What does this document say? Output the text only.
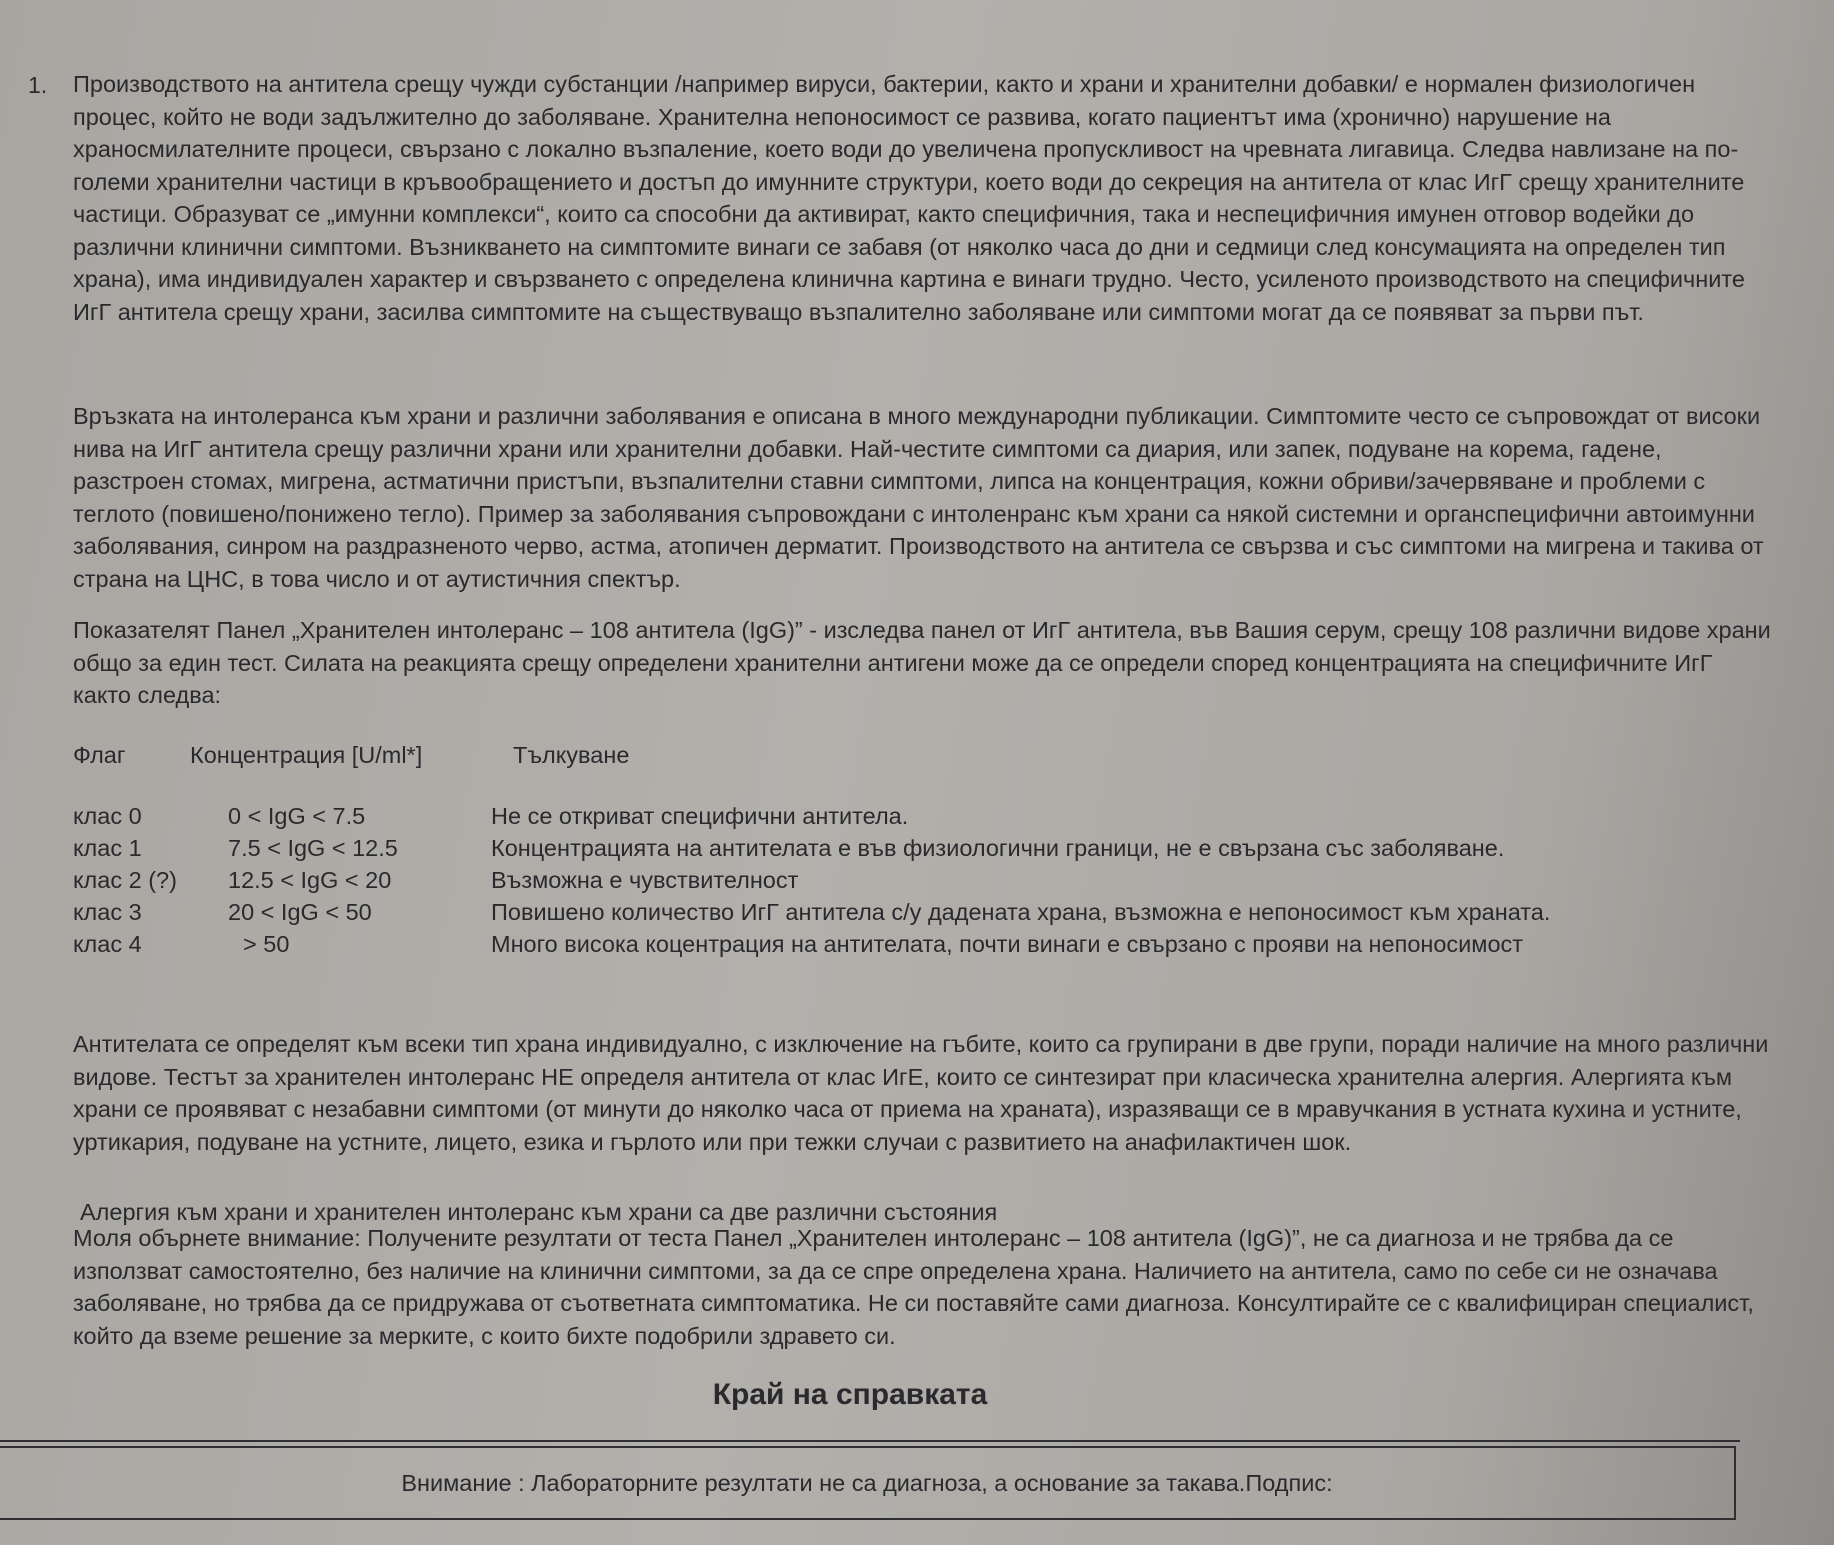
1. Производството на антитела срещу чужди субстанции /например вируси, бактерии, както и храни и хранителни добавки/ е нормален физиологичен процес, който не води задължително до заболяване. Хранителна непоносимост се развива, когато пациентът има (хронично) нарушение на храносмилателните процеси, свързано с локално възпаление, което води до увеличена пропускливост на чревната лигавица. Следва навлизане на по-големи хранителни частици в кръвообращението и достъп до имунните структури, което води до секреция на антитела от клас ИгГ срещу хранителните частици. Образуват се „имунни комплекси“, които са способни да активират, както специфичния, така и неспецифичния имунен отговор водейки до различни клинични симптоми. Възникването на симптомите винаги се забавя (от няколко часа до дни и седмици след консумацията на определен тип храна), има индивидуален характер и свързването с определена клинична картина е винаги трудно. Често, усиленото производството на специфичните ИгГ антитела срещу храни, засилва симптомите на съществуващо възпалително заболяване или симптоми могат да се появяват за първи път.

Връзката на интолеранса към храни и различни заболявания е описана в много международни публикации. Симптомите често се съпровождат от високи нива на ИгГ антитела срещу различни храни или хранителни добавки. Най-честите симптоми са диария, или запек, подуване на корема, гадене, разстроен стомах, мигрена, астматични пристъпи, възпалителни ставни симптоми, липса на концентрация, кожни обриви/зачервяване и проблеми с теглото (повишено/понижено тегло). Пример за заболявания съпровождани с интоленранс към храни са някой системни и органспецифични автоимунни заболявания, синром на раздразненото черво, астма, атопичен дерматит. Производството на антитела се свързва и със симптоми на мигрена и такива от страна на ЦНС, в това число и от аутистичния спектър.

Показателят Панел „Хранителен интолеранс – 108 антитела (IgG)” - изследва панел от ИгГ антитела, във Вашия серум, срещу 108 различни видове храни общо за един тест. Силата на реакцията срещу определени хранителни антигени може да се определи според концентрацията на специфичните ИгГ както следва:

Флаг	Концентрация [U/ml*]	Тълкуване
клас 0	0 < IgG < 7.5	Не се откриват специфични антитела.
клас 1	7.5 < IgG < 12.5	Концентрацията на антителата е във физиологични граници, не е свързана със заболяване.
клас 2 (?) 12.5 < IgG < 20	Възможна е чувствителност
клас 3	20 < IgG < 50	Повишено количество ИгГ антитела с/у дадената храна, възможна е непоносимост към храната.
клас 4	> 50	Много висока коцентрация на антителата, почти винаги е свързано с прояви на непоносимост

Антителата се определят към всеки тип храна индивидуално, с изключение на гъбите, които са групирани в две групи, поради наличие на много различни видове. Тестът за хранителен интолеранс НЕ определя антитела от клас ИгЕ, които се синтезират при класическа хранителна алергия. Алергията към храни се проявяват с незабавни симптоми (от минути до няколко часа от приема на храната), изразяващи се в мравучкания в устната кухина и устните, уртикария, подуване на устните, лицето, езика и гърлото или при тежки случаи с развитието на анафилактичен шок.

Алергия към храни и хранителен интолеранс към храни са две различни състояния

Моля обърнете внимание: Получените резултати от теста Панел „Хранителен интолеранс – 108 антитела (IgG)”, не са диагноза и не трябва да се използват самостоятелно, без наличие на клинични симптоми, за да се спре определена храна. Наличието на антитела, само по себе си не означава заболяване, но трябва да се придружава от съответната симптоматика. Не си поставяйте сами диагноза. Консултирайте се с квалифициран специалист, който да вземе решение за мерките, с които бихте подобрили здравето си.

Край на справката
Внимание : Лабораторните резултати не са диагноза, а основание за такава.Подпис:
